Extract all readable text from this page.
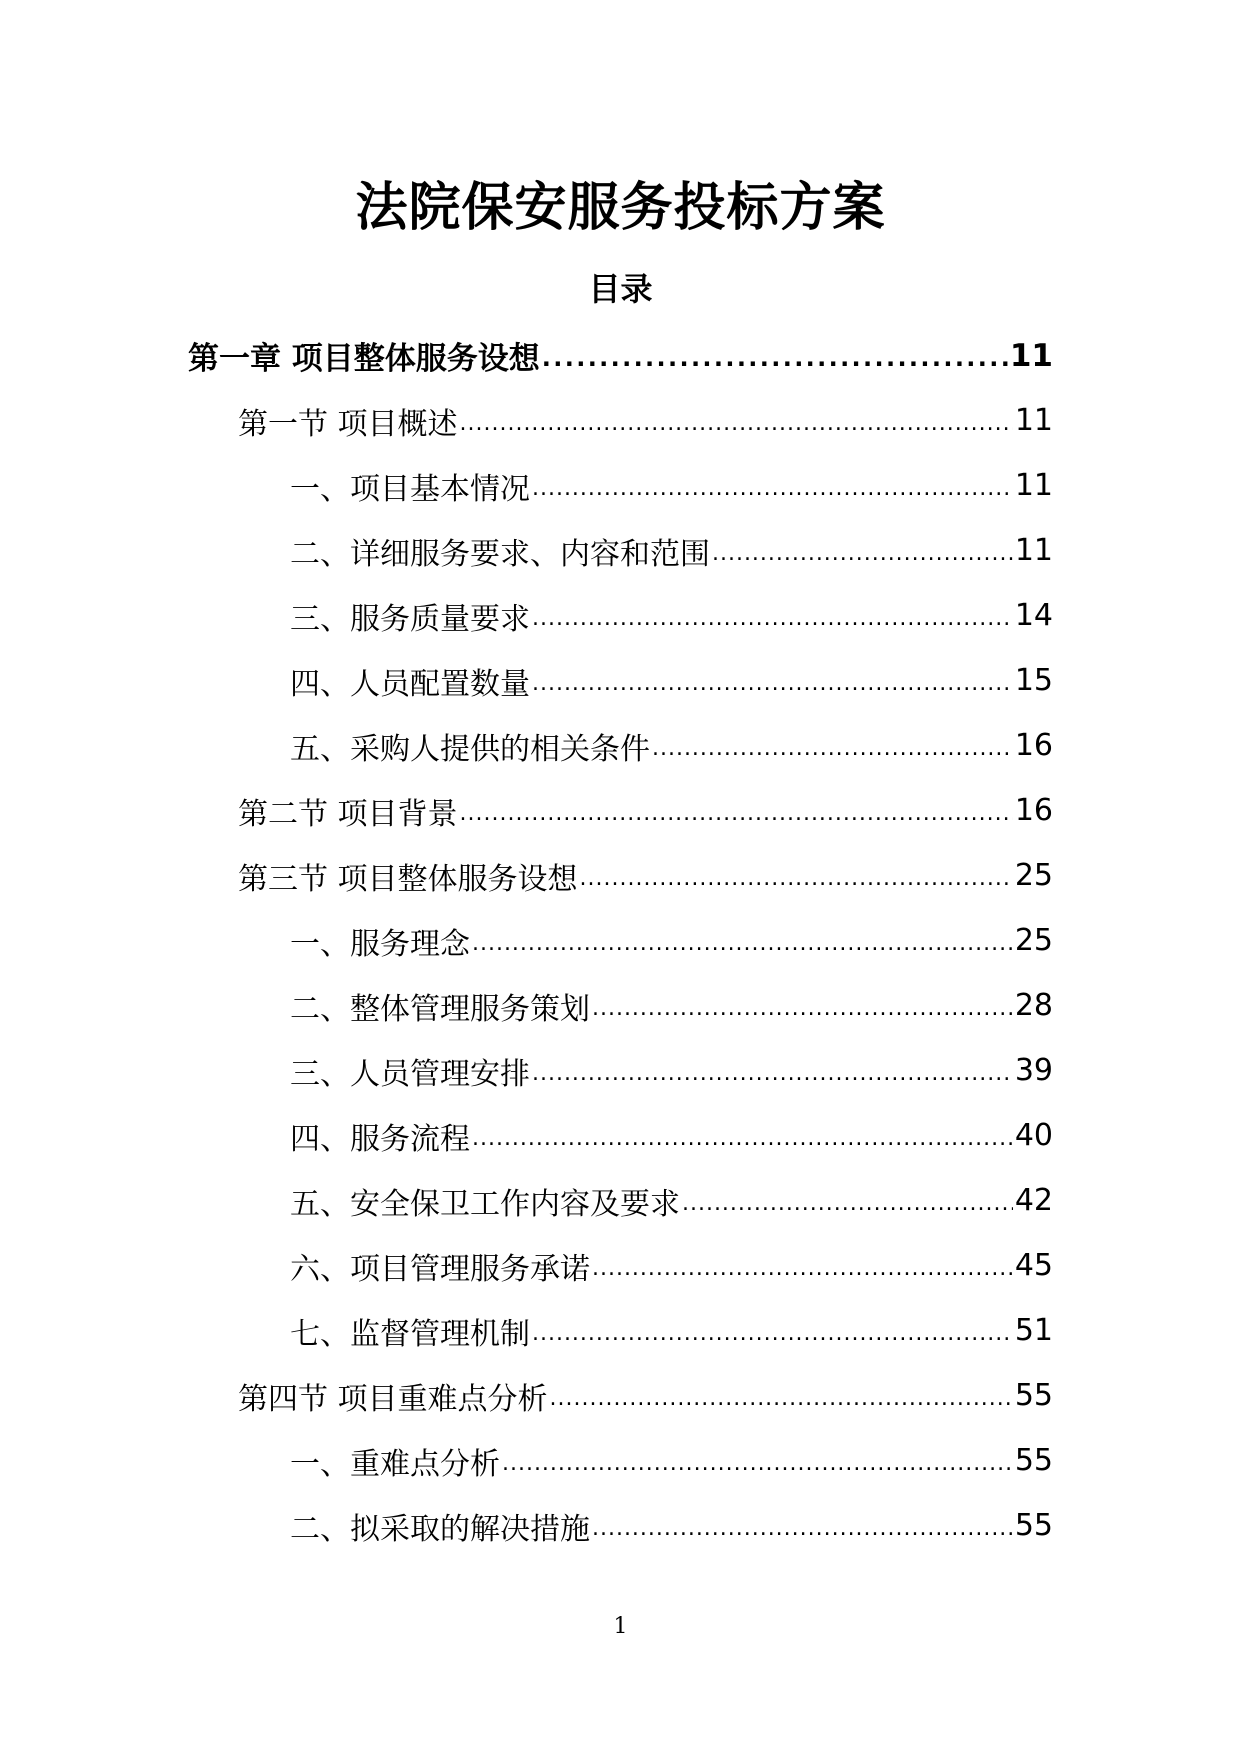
法院保安服务投标方案
目录
第一章 项目整体服务设想 . . .	11
第一节 项目概述 . . .	11
一、项目基本情况 . . .	11
二、详细服务要求、内容和范围 . . .	11
三、服务质量要求 . . .	14
四、人员配置数量 . . .	15
五、采购人提供的相关条件 . . .	16
第二节 项目背景 . . .	16
第三节 项目整体服务设想 . . .	25
一、服务理念 . . .	25
二、整体管理服务策划 . . .	28
三、人员管理安排 . . .	39
四、服务流程 . . .	40
五、安全保卫工作内容及要求 . . .	42
六、项目管理服务承诺 . . .	45
七、监督管理机制 . . .	51
第四节 项目重难点分析 . . .	55
一、重难点分析 . . .	55
二、拟采取的解决措施 . . .	55
1
